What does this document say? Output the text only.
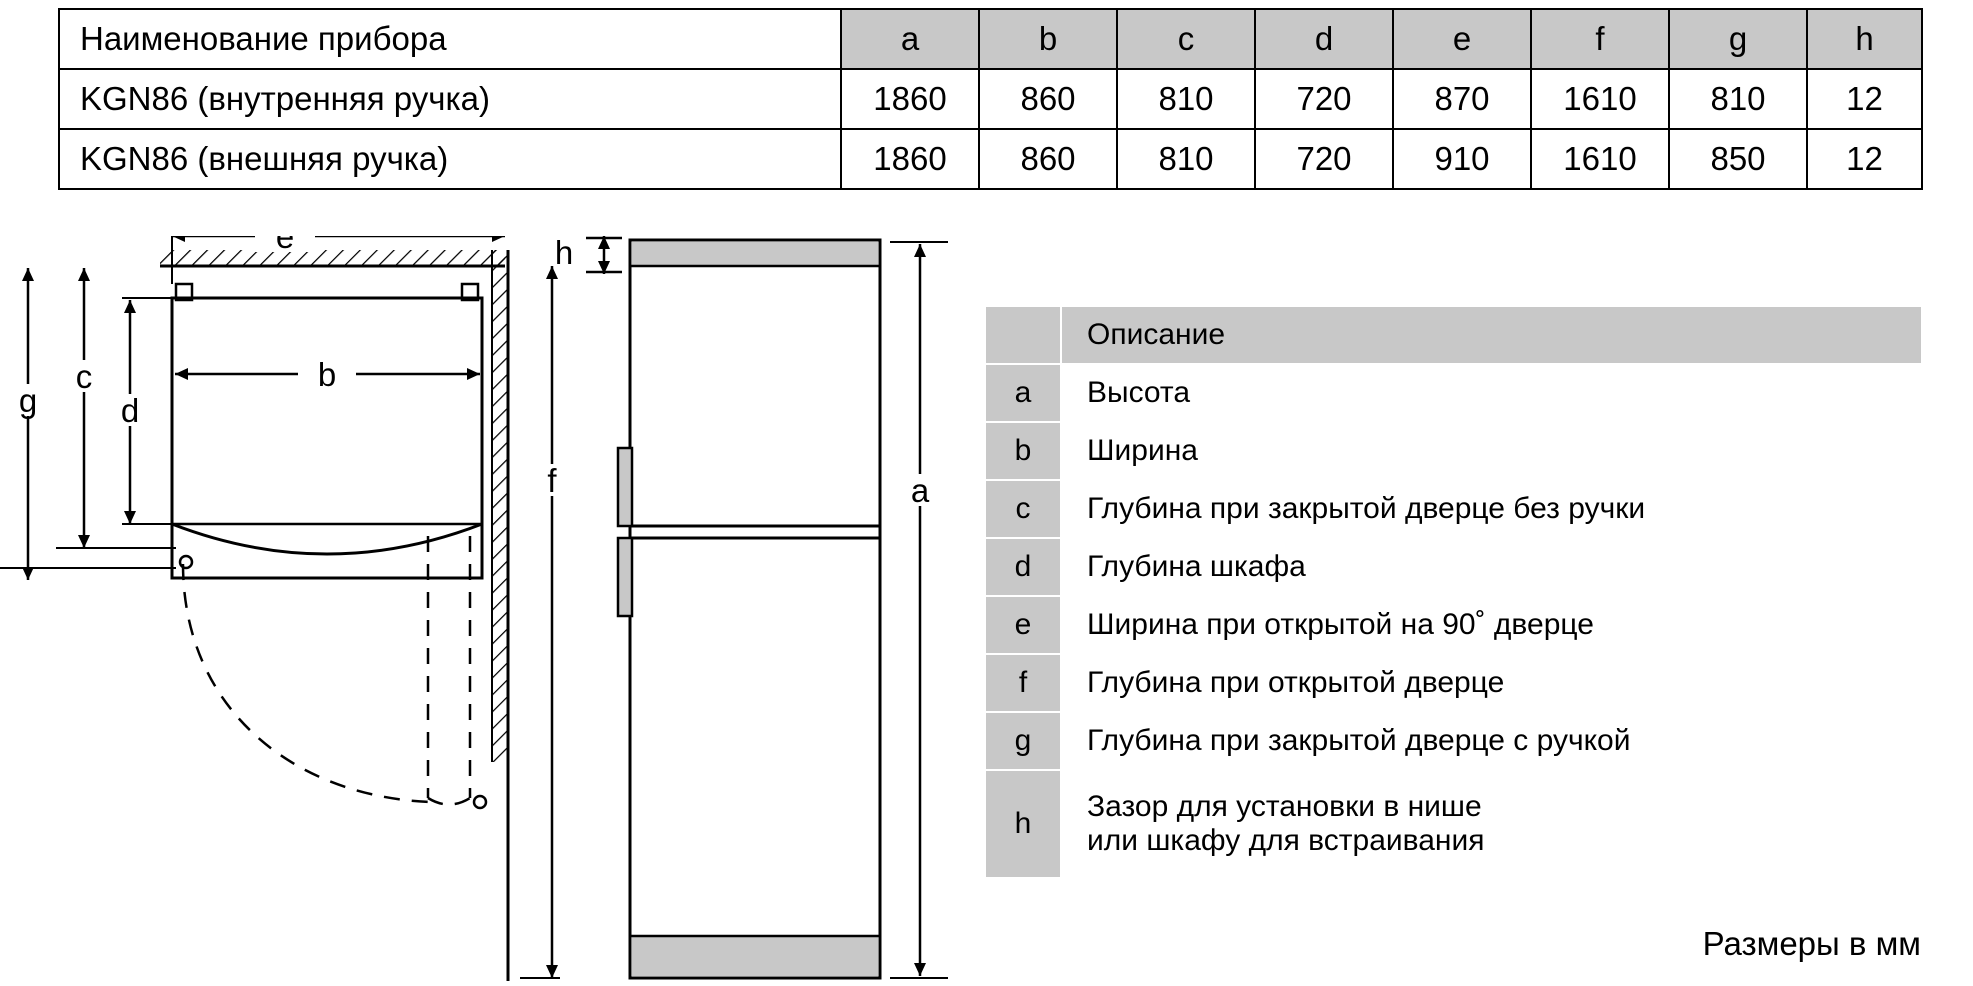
Наименование прибора	a	b	c	d	e	f	g	h
KGN86 (внутренняя ручка)	1860	860	810	720	870	1610	810	12
KGN86 (внешняя ручка)	1860	860	810	720	910	1610	850	12
e
b
d
c
g
f
h
a
	Описание
a	Высота
b	Ширина
c	Глубина при закрытой дверце без ручки
d	Глубина шкафа
e	Ширина при открытой на 90˚ дверце
f	Глубина при открытой дверце
g	Глубина при закрытой дверце с ручкой
h	Зазор для установки в нише
или шкафу для встраивания
Размеры в мм
